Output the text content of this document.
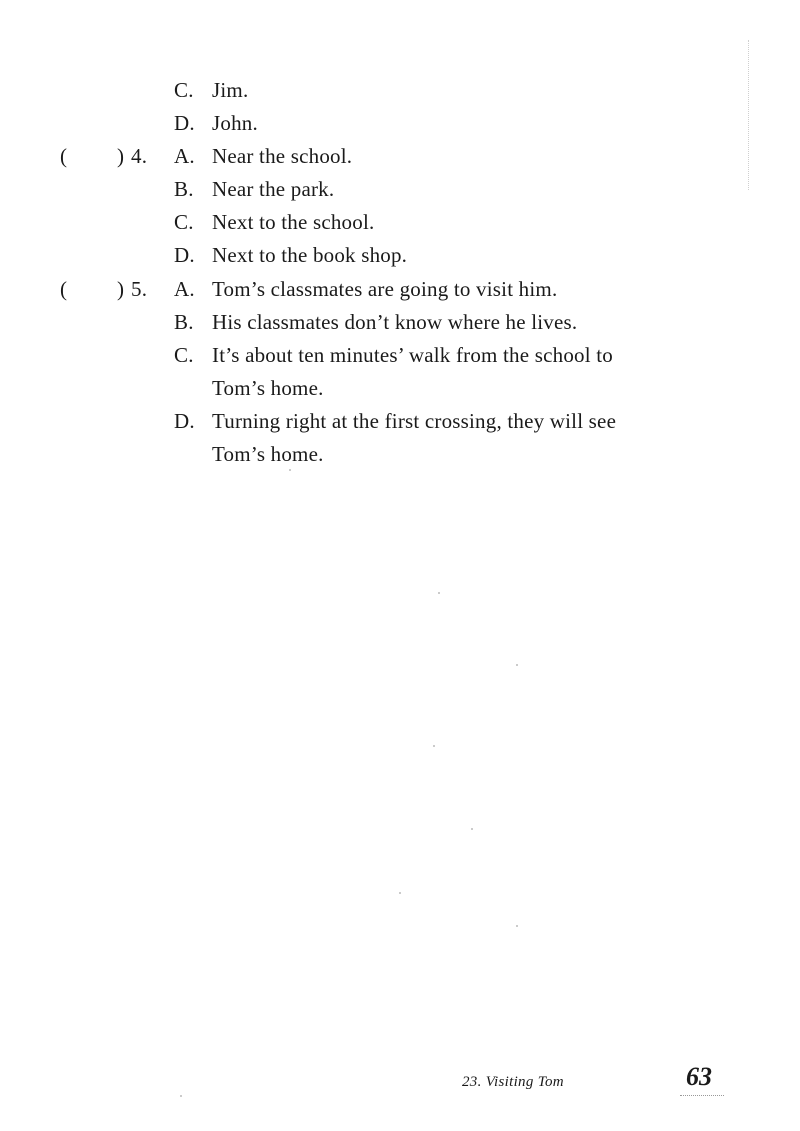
C. Jim.
D. John.
( ) 4. A. Near the school.
B. Near the park.
C. Next to the school.
D. Next to the book shop.
( ) 5. A. Tom’s classmates are going to visit him.
B. His classmates don’t know where he lives.
C. It’s about ten minutes’ walk from the school to
Tom’s home.
D. Turning right at the first crossing, they will see
Tom’s home.
23. Visiting Tom	63
